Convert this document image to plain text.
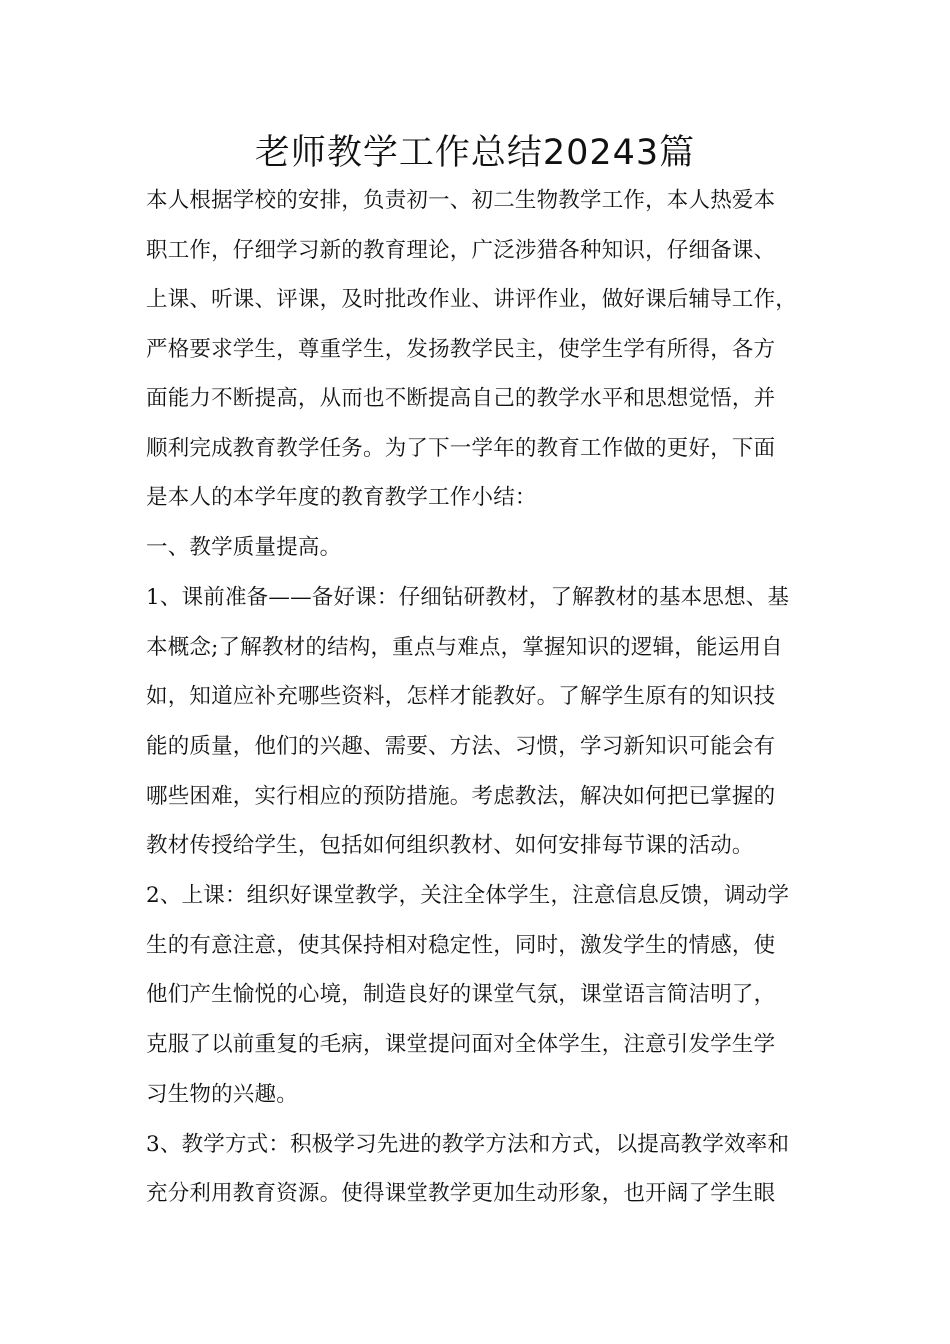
老师教学工作总结20243篇
本人根据学校的安排，负责初一、初二生物教学工作，本人热爱本
职工作，仔细学习新的教育理论，广泛涉猎各种知识，仔细备课、
上课、听课、评课，及时批改作业、讲评作业，做好课后辅导工作，
严格要求学生，尊重学生，发扬教学民主，使学生学有所得，各方
面能力不断提高，从而也不断提高自己的教学水平和思想觉悟，并
顺利完成教育教学任务。为了下一学年的教育工作做的更好，下面
是本人的本学年度的教育教学工作小结：
一、教学质量提高。
1、课前准备——备好课：仔细钻研教材，了解教材的基本思想、基
本概念;了解教材的结构，重点与难点，掌握知识的逻辑，能运用自
如，知道应补充哪些资料，怎样才能教好。了解学生原有的知识技
能的质量，他们的兴趣、需要、方法、习惯，学习新知识可能会有
哪些困难，实行相应的预防措施。考虑教法，解决如何把已掌握的
教材传授给学生，包括如何组织教材、如何安排每节课的活动。
2、上课：组织好课堂教学，关注全体学生，注意信息反馈，调动学
生的有意注意，使其保持相对稳定性，同时，激发学生的情感，使
他们产生愉悦的心境，制造良好的课堂气氛，课堂语言简洁明了，
克服了以前重复的毛病，课堂提问面对全体学生，注意引发学生学
习生物的兴趣。
3、教学方式：积极学习先进的教学方法和方式，以提高教学效率和
充分利用教育资源。使得课堂教学更加生动形象，也开阔了学生眼
